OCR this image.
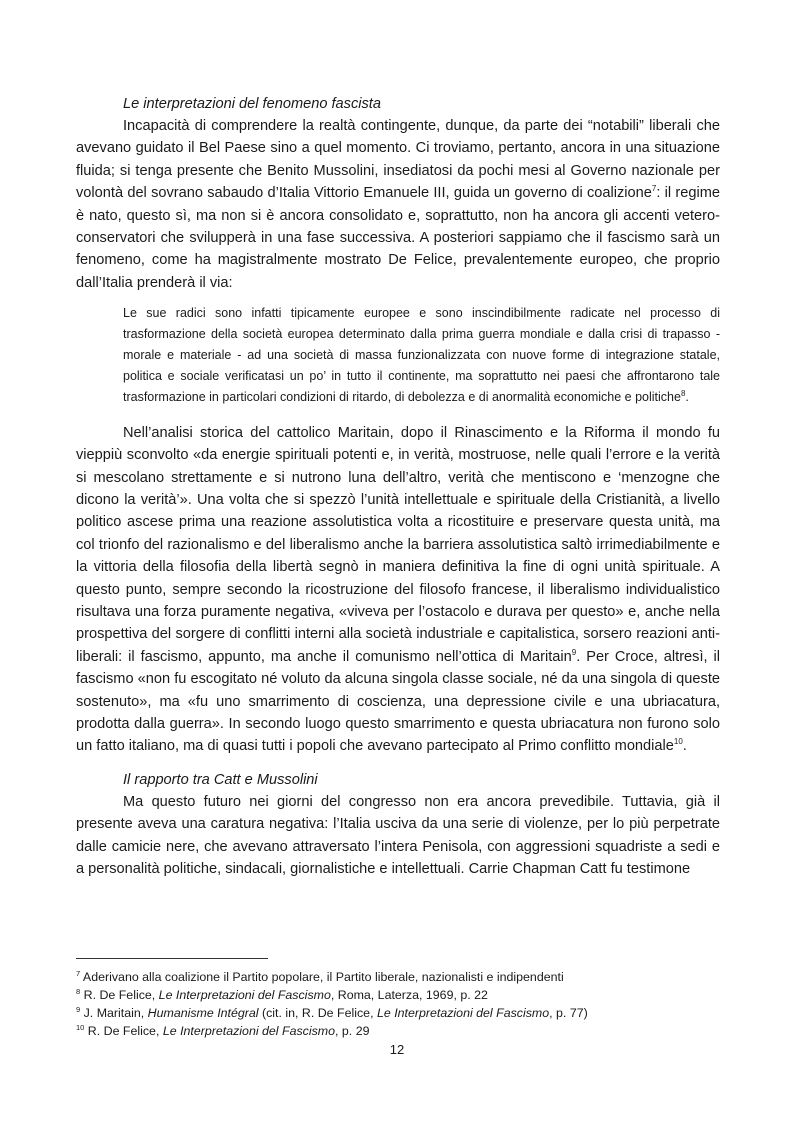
Le interpretazioni del fenomeno fascista

Incapacità di comprendere la realtà contingente, dunque, da parte dei “notabili” liberali che avevano guidato il Bel Paese sino a quel momento. Ci troviamo, pertanto, ancora in una situazione fluida; si tenga presente che Benito Mussolini, insediatosi da pochi mesi al Governo nazionale per volontà del sovrano sabaudo d’Italia Vittorio Emanuele III, guida un governo di coalizione$^7$: il regime è nato, questo sì, ma non si è ancora consolidato e, soprattutto, non ha ancora gli accenti vetero-conservatori che svilupperà in una fase successiva. A posteriori sappiamo che il fascismo sarà un fenomeno, come ha magistralmente mostrato De Felice, prevalentemente europeo, che proprio dall’Italia prenderà il via:

Le sue radici sono infatti tipicamente europee e sono inscindibilmente radicate nel processo di trasformazione della società europea determinato dalla prima guerra mondiale e dalla crisi di trapasso - morale e materiale - ad una società di massa funzionalizzata con nuove forme di integrazione statale, politica e sociale verificatasi un po’ in tutto il continente, ma soprattutto nei paesi che affrontarono tale trasformazione in particolari condizioni di ritardo, di debolezza e di anormalità economiche e politiche$^8$.

Nell’analisi storica del cattolico Maritain, dopo il Rinascimento e la Riforma il mondo fu vieppiù sconvolto «da energie spirituali potenti e, in verità, mostruose, nelle quali l’errore e la verità si mescolano strettamente e si nutrono luna dell’altro, verità che mentiscono e ‘menzogne che dicono la verità’». Una volta che si spezzò l’unità intellettuale e spirituale della Cristianità, a livello politico ascese prima una reazione assolutistica volta a ricostituire e preservare questa unità, ma col trionfo del razionalismo e del liberalismo anche la barriera assolutistica saltò irrimediabilmente e la vittoria della filosofia della libertà segnò in maniera definitiva la fine di ogni unità spirituale. A questo punto, sempre secondo la ricostruzione del filosofo francese, il liberalismo individualistico risultava una forza puramente negativa, «viveva per l’ostacolo e durava per questo» e, anche nella prospettiva del sorgere di conflitti interni alla società industriale e capitalistica, sorsero reazioni anti-liberali: il fascismo, appunto, ma anche il comunismo nell’ottica di Maritain$^9$. Per Croce, altresì, il fascismo «non fu escogitato né voluto da alcuna singola classe sociale, né da una singola di queste sostenuto», ma «fu uno smarrimento di coscienza, una depressione civile e una ubriacatura, prodotta dalla guerra». In secondo luogo questo smarrimento e questa ubriacatura non furono solo un fatto italiano, ma di quasi tutti i popoli che avevano partecipato al Primo conflitto mondiale$^{10}$.

Il rapporto tra Catt e Mussolini

Ma questo futuro nei giorni del congresso non era ancora prevedibile. Tuttavia, già il presente aveva una caratura negativa: l’Italia usciva da una serie di violenze, per lo più perpetrate dalle camicie nere, che avevano attraversato l’intera Penisola, con aggressioni squadriste a sedi e a personalità politiche, sindacali, giornalistiche e intellettuali. Carrie Chapman Catt fu testimone

$^7$ Aderivano alla coalizione il Partito popolare, il Partito liberale, nazionalisti e indipendenti

$^8$ R. De Felice, Le Interpretazioni del Fascismo, Roma, Laterza, 1969, p. 22

$^9$ J. Maritain, Humanisme Intégral (cit. in, R. De Felice, Le Interpretazioni del Fascismo, p. 77)

$^{10}$ R. De Felice, Le Interpretazioni del Fascismo, p. 29

12
